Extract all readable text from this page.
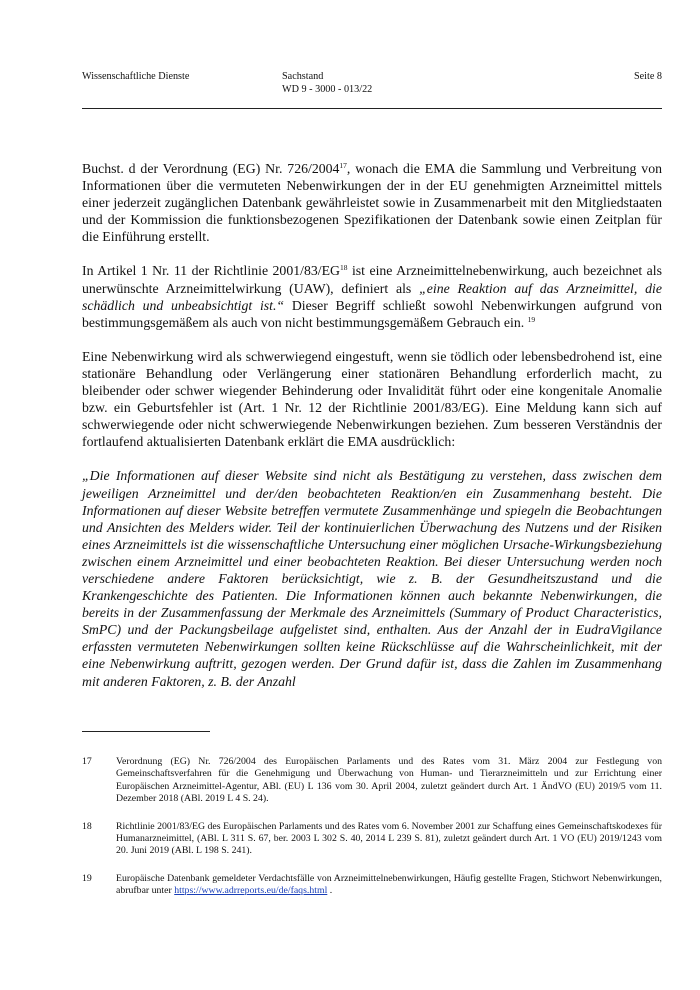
Wissenschaftliche Dienste	Sachstand
WD 9 - 3000 - 013/22
Seite 8

Buchst. d der Verordnung (EG) Nr. 726/2004$^{17}$, wonach die EMA die Sammlung und Verbreitung von Informationen über die vermuteten Nebenwirkungen der in der EU genehmigten Arzneimittel mittels einer jederzeit zugänglichen Datenbank gewährleistet sowie in Zusammenarbeit mit den Mitgliedstaaten und der Kommission die funktionsbezogenen Spezifikationen der Datenbank sowie einen Zeitplan für die Einführung erstellt.

In Artikel 1 Nr. 11 der Richtlinie 2001/83/EG$^{18}$ ist eine Arzneimittelnebenwirkung, auch bezeichnet als unerwünschte Arzneimittelwirkung (UAW), definiert als „eine Reaktion auf das Arzneimittel, die schädlich und unbeabsichtigt ist.“ Dieser Begriff schließt sowohl Nebenwirkungen aufgrund von bestimmungsgemäßem als auch von nicht bestimmungsgemäßem Gebrauch ein. $^{19}$

Eine Nebenwirkung wird als schwerwiegend eingestuft, wenn sie tödlich oder lebensbedrohend ist, eine stationäre Behandlung oder Verlängerung einer stationären Behandlung erforderlich macht, zu bleibender oder schwer wiegender Behinderung oder Invalidität führt oder eine kongenitale Anomalie bzw. ein Geburtsfehler ist (Art. 1 Nr. 12 der Richtlinie 2001/83/EG). Eine Meldung kann sich auf schwerwiegende oder nicht schwerwiegende Nebenwirkungen beziehen. Zum besseren Verständnis der fortlaufend aktualisierten Datenbank erklärt die EMA ausdrücklich:

„Die Informationen auf dieser Website sind nicht als Bestätigung zu verstehen, dass zwischen dem jeweiligen Arzneimittel und der/den beobachteten Reaktion/en ein Zusammenhang besteht. Die Informationen auf dieser Website betreffen vermutete Zusammenhänge und spiegeln die Beobachtungen und Ansichten des Melders wider. Teil der kontinuierlichen Überwachung des Nutzens und der Risiken eines Arzneimittels ist die wissenschaftliche Untersuchung einer möglichen Ursache-Wirkungsbeziehung zwischen einem Arzneimittel und einer beobachteten Reaktion. Bei dieser Untersuchung werden noch verschiedene andere Faktoren berücksichtigt, wie z. B. der Gesundheitszustand und die Krankengeschichte des Patienten. Die Informationen können auch bekannte Nebenwirkungen, die bereits in der Zusammenfassung der Merkmale des Arzneimittels (Summary of Product Characteristics, SmPC) und der Packungsbeilage aufgelistet sind, enthalten. Aus der Anzahl der in EudraVigilance erfassten vermuteten Nebenwirkungen sollten keine Rückschlüsse auf die Wahrscheinlichkeit, mit der eine Nebenwirkung auftritt, gezogen werden. Der Grund dafür ist, dass die Zahlen im Zusammenhang mit anderen Faktoren, z. B. der Anzahl

17	Verordnung (EG) Nr. 726/2004 des Europäischen Parlaments und des Rates vom 31. März 2004 zur Festlegung von Gemeinschaftsverfahren für die Genehmigung und Überwachung von Human- und Tierarzneimitteln und zur Errichtung einer Europäischen Arzneimittel-Agentur, ABl. (EU) L 136 vom 30. April 2004, zuletzt geändert durch Art. 1 ÄndVO (EU) 2019/5 vom 11. Dezember 2018 (ABl. 2019 L 4 S. 24).
18	Richtlinie 2001/83/EG des Europäischen Parlaments und des Rates vom 6. November 2001 zur Schaffung eines Gemeinschaftskodexes für Humanarzneimittel, (ABl. L 311 S. 67, ber. 2003 L 302 S. 40, 2014 L 239 S. 81), zuletzt geändert durch Art. 1 VO (EU) 2019/1243 vom 20. Juni 2019 (ABl. L 198 S. 241).
19	Europäische Datenbank gemeldeter Verdachtsfälle von Arzneimittelnebenwirkungen, Häufig gestellte Fragen, Stichwort Nebenwirkungen, abrufbar unter https://www.adrreports.eu/de/faqs.html .
